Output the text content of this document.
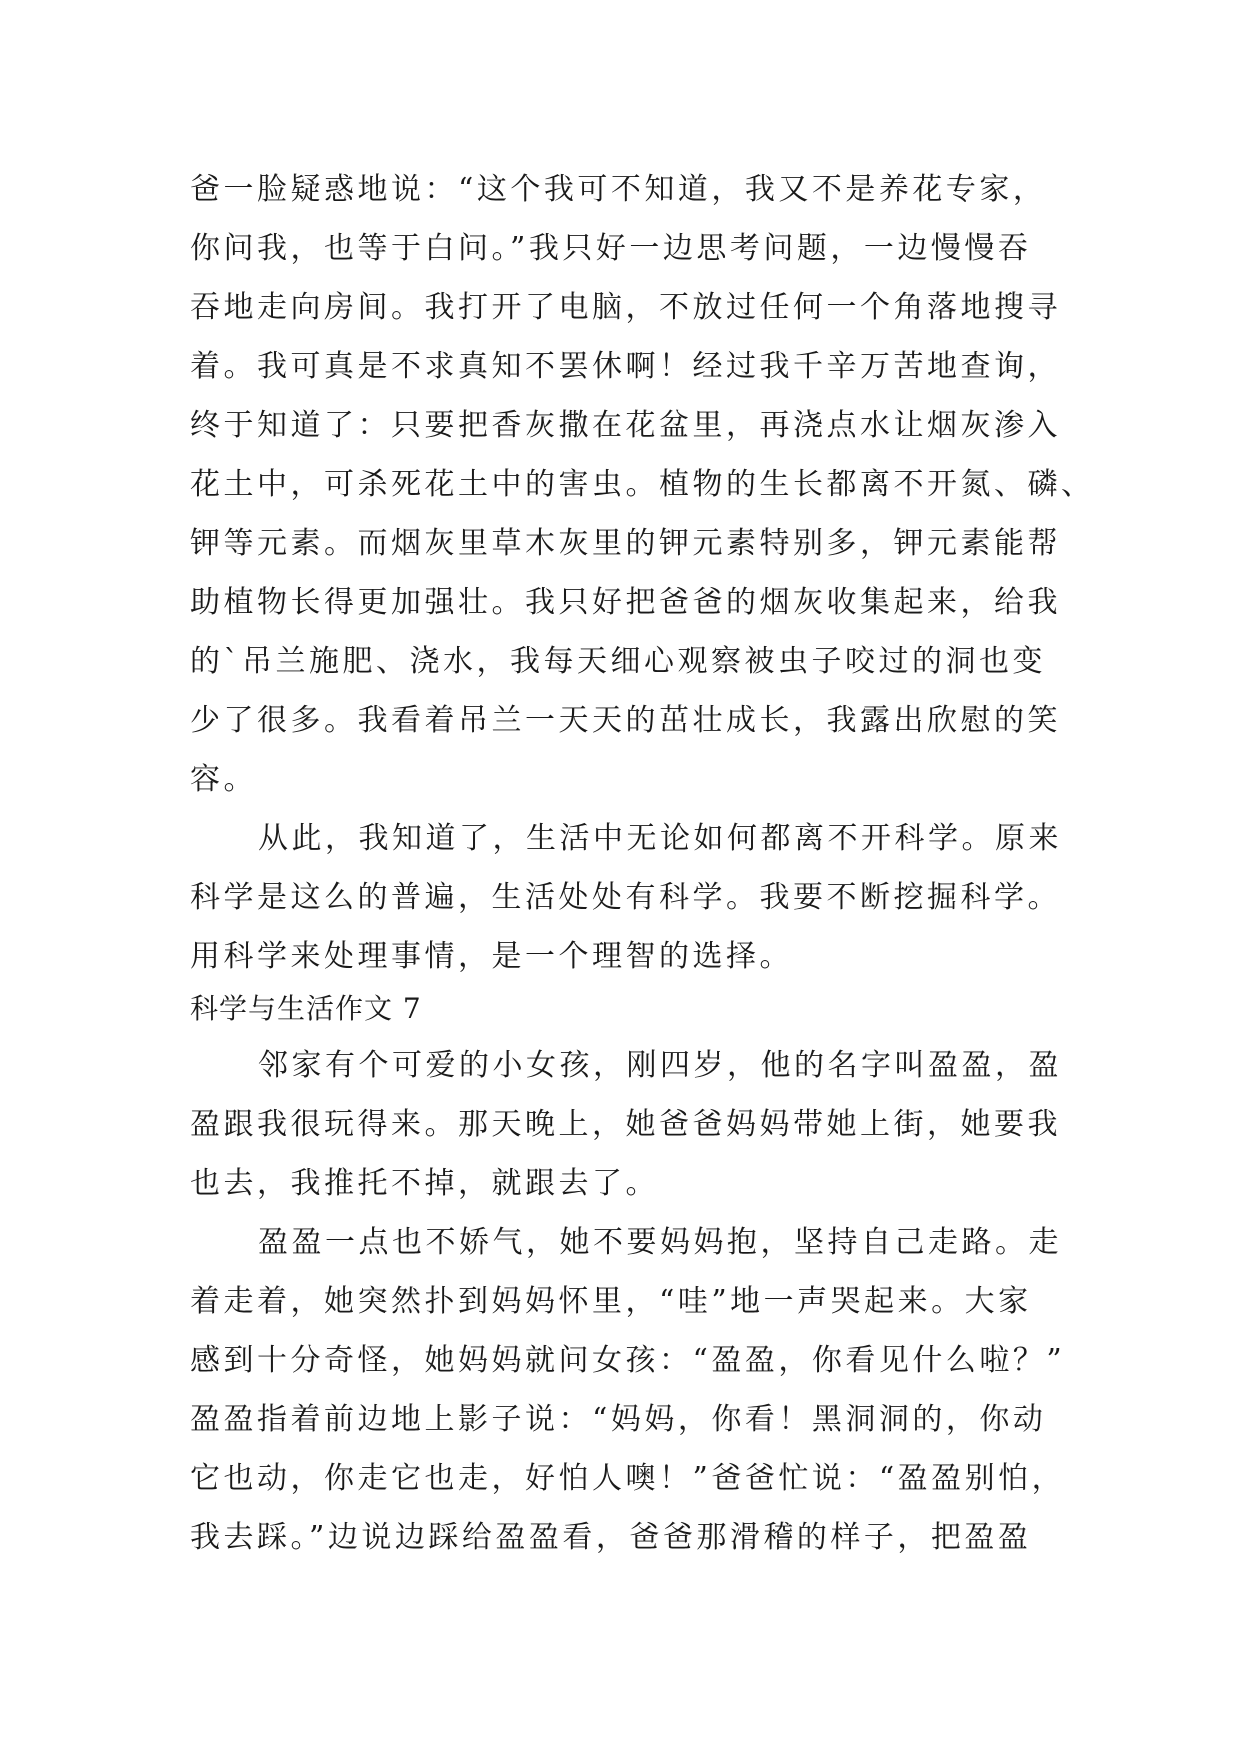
爸一脸疑惑地说：“这个我可不知道，我又不是养花专家，
你问我，也等于白问。”我只好一边思考问题，一边慢慢吞
吞地走向房间。我打开了电脑，不放过任何一个角落地搜寻
着。我可真是不求真知不罢休啊！经过我千辛万苦地查询，
终于知道了：只要把香灰撒在花盆里，再浇点水让烟灰渗入
花土中，可杀死花土中的害虫。植物的生长都离不开氮、磷、
钾等元素。而烟灰里草木灰里的钾元素特别多，钾元素能帮
助植物长得更加强壮。我只好把爸爸的烟灰收集起来，给我
的`吊兰施肥、浇水，我每天细心观察被虫子咬过的洞也变
少了很多。我看着吊兰一天天的茁壮成长，我露出欣慰的笑
容。
从此，我知道了，生活中无论如何都离不开科学。原来
科学是这么的普遍，生活处处有科学。我要不断挖掘科学。
用科学来处理事情，是一个理智的选择。
科学与生活作文 7
邻家有个可爱的小女孩，刚四岁，他的名字叫盈盈，盈
盈跟我很玩得来。那天晚上，她爸爸妈妈带她上街，她要我
也去，我推托不掉，就跟去了。
盈盈一点也不娇气，她不要妈妈抱，坚持自己走路。走
着走着，她突然扑到妈妈怀里，“哇”地一声哭起来。大家
感到十分奇怪，她妈妈就问女孩：“盈盈，你看见什么啦？”
盈盈指着前边地上影子说：“妈妈，你看！黑洞洞的，你动
它也动，你走它也走，好怕人噢！”爸爸忙说：“盈盈别怕，
我去踩。”边说边踩给盈盈看，爸爸那滑稽的样子，把盈盈
